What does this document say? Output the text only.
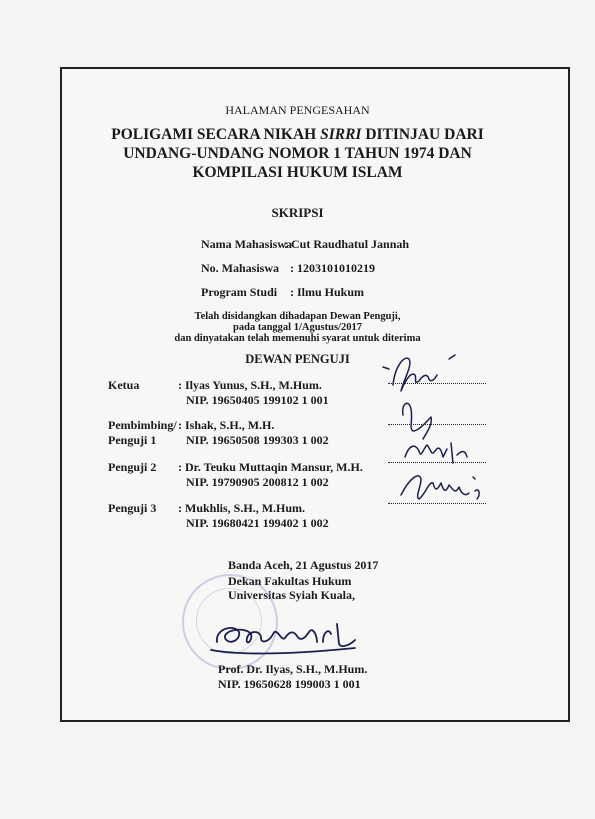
HALAMAN PENGESAHAN
POLIGAMI SECARA NIKAH SIRRI DITINJAU DARI
UNDANG-UNDANG NOMOR 1 TAHUN 1974 DAN
KOMPILASI HUKUM ISLAM
SKRIPSI
Nama Mahasiswa
: Cut Raudhatul Jannah
No. Mahasiswa : 1203101010219
Program Studi : Ilmu Hukum
Telah disidangkan dihadapan Dewan Penguji,
pada tanggal 1/Agustus/2017
dan dinyatakan telah memenuhi syarat untuk diterima
DEWAN PENGUJI
Ketua	: Ilyas Yunus, S.H., M.Hum.
NIP. 19650405 199102 1 001
Pembimbing/ : Ishak, S.H., M.H.
Penguji 1 NIP. 19650508 199303 1 002
Penguji 2 : Dr. Teuku Muttaqin Mansur, M.H.
NIP. 19790905 200812 1 002
Penguji 3 : Mukhlis, S.H., M.Hum.
NIP. 19680421 199402 1 002
Banda Aceh, 21 Agustus 2017
Dekan Fakultas Hukum
Universitas Syiah Kuala,
Prof. Dr. Ilyas, S.H., M.Hum.
NIP. 19650628 199003 1 001
